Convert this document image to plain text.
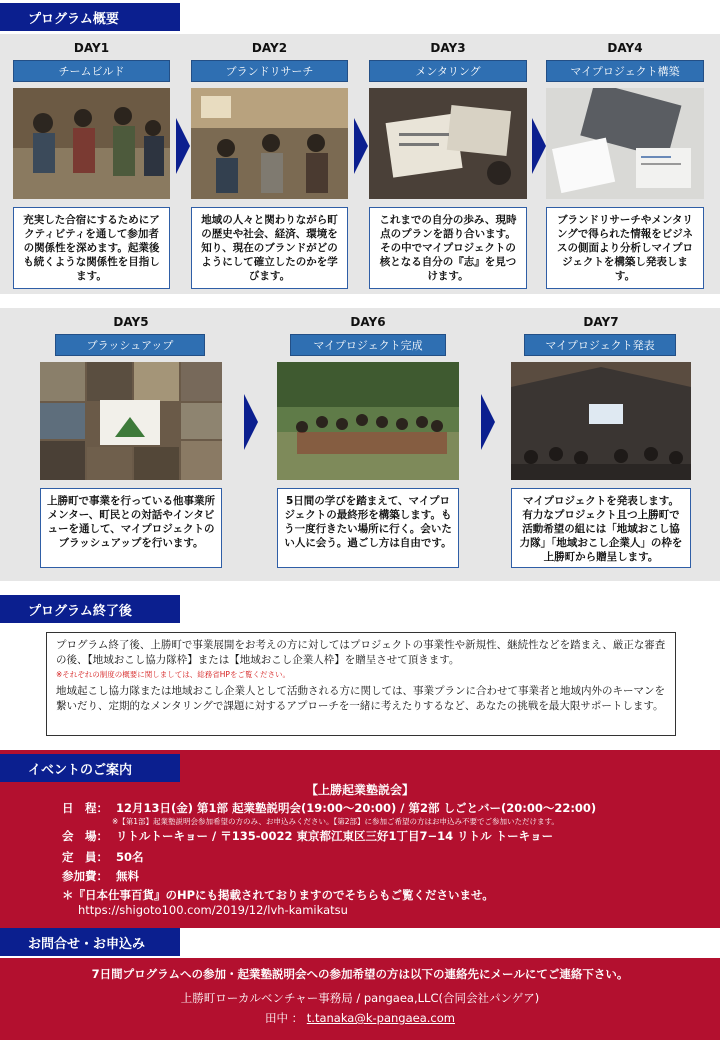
プログラム概要
DAY1
チームビルド
充実した合宿にするためにアクティビティを通して参加者の関係性を深めます。起業後も続くような関係性を目指します。
DAY2
ブランドリサーチ
地域の人々と関わりながら町の歴史や社会、経済、環境を知り、現在のブランドがどのようにして確立したのかを学びます。
DAY3
メンタリング
これまでの自分の歩み、現時点のプランを語り合います。その中でマイプロジェクトの核となる自分の『志』を見つけます。
DAY4
マイプロジェクト構築
ブランドリサーチやメンタリングで得られた情報をビジネスの側面より分析しマイプロジェクトを構築し発表します。
DAY5
ブラッシュアップ
上勝町で事業を行っている他事業所メンター、町民との対話やインタビューを通して、マイプロジェクトのブラッシュアップを行います。
DAY6
マイプロジェクト完成
5日間の学びを踏まえて、マイプロジェクトの最終形を構築します。もう一度行きたい場所に行く。会いたい人に会う。過ごし方は自由です。
DAY7
マイプロジェクト発表
マイプロジェクトを発表します。有力なプロジェクト且つ上勝町で活動希望の組には「地域おこし協力隊」「地域おこし企業人」の枠を上勝町から贈呈します。
プログラム終了後
プログラム終了後、上勝町で事業展開をお考えの方に対してはプロジェクトの事業性や新規性、継続性などを踏まえ、厳正な審査の後、【地域おこし協力隊枠】または【地域おこし企業人枠】を贈呈させて頂きます。
※それぞれの制度の概要に関しましては、総務省HPをご覧ください。
地域起こし協力隊または地域おこし企業人として活動される方に関しては、事業プランに合わせて事業者と地域内外のキーマンを繋いだり、定期的なメンタリングで課題に対するアプローチを一緒に考えたりするなど、あなたの挑戦を最大限サポートします。
【上勝起業塾説会】
日　程： 12月13日(金) 第1部 起業塾説明会(19:00〜20:00) / 第2部 しごとバー(20:00〜22:00)
※【第1部】起業塾説明会参加希望の方のみ、お申込みください。【第2部】に参加ご希望の方はお申込み不要でご参加いただけます。
会　場： リトルトーキョー / 〒135-0022 東京都江東区三好1丁目7−14 リトル トーキョー
定　員： 50名
参加費： 無料
＊『日本仕事百貨』のHPにも掲載されておりますのでそちらもご覧くださいませ。
https://shigoto100.com/2019/12/lvh-kamikatsu
イベントのご案内
7日間プログラムへの参加・起業塾説明会への参加希望の方は以下の連絡先にメールにてご連絡下さい。
上勝町ローカルベンチャー事務局 / pangaea,LLC(合同会社パンゲア)
田中 ： t.tanaka@k-pangaea.com
お問合せ・お申込み
